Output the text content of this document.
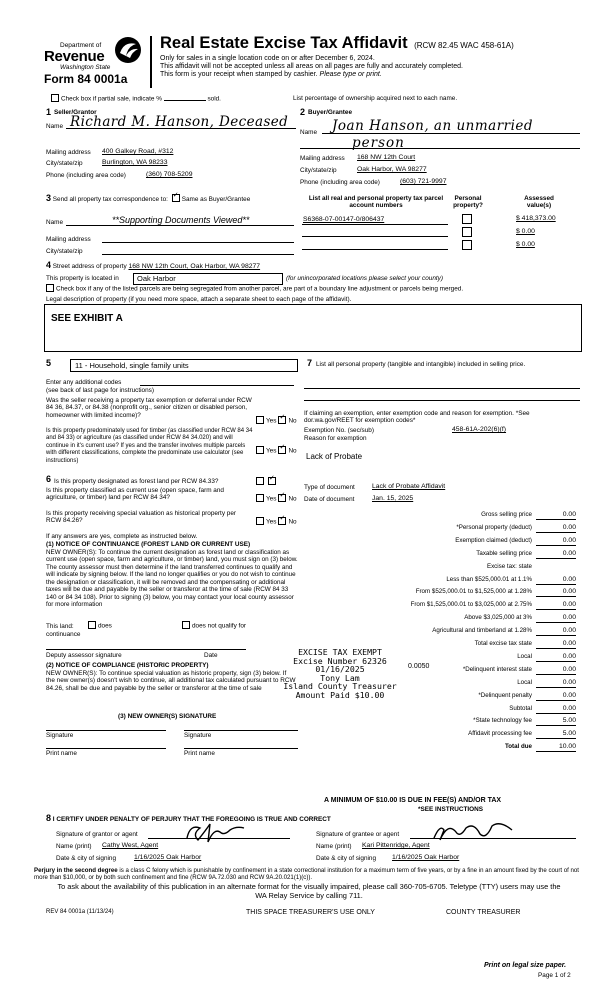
Department of
Revenue
Washington State
Form 84 0001a
Real Estate Excise Tax Affidavit (RCW 82.45 WAC 458-61A)
Only for sales in a single location code on or after December 6, 2024.
This affidavit will not be accepted unless all areas on all pages are fully and accurately completed.
This form is your receipt when stamped by cashier. Please type or print.
Check box if partial sale, indicate %	sold.	List percentage of ownership acquired next to each name.
1 Seller/Grantor
Name Richard M. Hanson, Deceased
Mailing address 400 Galkey Road, #312
City/state/zip	Burlington, WA 98233
Phone (including area code)	(360) 708-5209
2 Buyer/Grantee
Name Joan Hanson, an unmarried
person
Mailing address 168 NW 12th Court
City/state/zip	Oak Harbor, WA 98277
Phone (including area code)	(603) 721-9997
3 Send all property tax correspondence to: ✓ Same as Buyer/Grantee
Name	**Supporting Documents Viewed**
Mailing address
City/state/zip
List all real and personal property tax parcel account numbers
Personal property?
Assessed value(s)
S6368-07-00147-0/806437	$ 418,373.00
$ 0.00
$ 0.00
4 Street address of property 168 NW 12th Court, Oak Harbor, WA 98277
This property is located in Oak Harbor	(for unincorporated locations please select your county)
Check box if any of the listed parcels are being segregated from another parcel, are part of a boundary line adjustment or parcels being merged.
Legal description of property (if you need more space, attach a separate sheet to each page of the affidavit).
SEE EXHIBIT A
5	11 - Household, single family units
Enter any additional codes
(see back of last page for instructions)
Was the seller receiving a property tax exemption or deferral under RCW 84 36, 84.37, or 84.38 (nonprofit org., senior citizen or disabled person, homeowner with limited income)?
Yes ✓ No
Is this property predominately used for timber (as classified under RCW 84 34 and 84 33) or agriculture (as classified under RCW 84 34.020) and will continue in it's current use? If yes and the transfer involves multiple parcels with different classifications, complete the predominate use calculator (see instructions)
Yes ✓ No
6 Is this property designated as forest land per RCW 84.33?
✓
Is this property classified as current use (open space, farm and agriculture, or timber) land per RCW 84 34?	Yes ✓ No
Is this property receiving special valuation as historical property per RCW 84.26?	Yes ✓ No
If any answers are yes, complete as instructed below.
(1) NOTICE OF CONTINUANCE (FOREST LAND OR CURRENT USE)
NEW OWNER(S): To continue the current designation as forest land or classification as current use (open space, farm and agriculture, or timber) land, you must sign on (3) below. The county assessor must then determine if the land transferred continues to qualify and will indicate by signing below. If the land no longer qualifies or you do not wish to continue the designation or classification, it will be removed and the compensating or additional taxes will be due and payable by the seller or transferor at the time of sale (RCW 84 33 140 or 84 34 108). Prior to signing (3) below, you may contact your local county assessor for more information
This land:
continuance
does	does not qualify for
Deputy assessor signature	Date
(2) NOTICE OF COMPLIANCE (HISTORIC PROPERTY)
NEW OWNER(S): To continue special valuation as historic property, sign (3) below. If the new owner(s) doesn't wish to continue, all additional tax calculated pursuant to RCW 84.26, shall be due and payable by the seller or transferor at the time of sale
(3) NEW OWNER(S) SIGNATURE
Signature	Signature
Print name	Print name
7 List all personal property (tangible and intangible) included in selling price.
If claiming an exemption, enter exemption code and reason for exemption. *See dor.wa.gov/REET for exemption codes*
Exemption No. (sec/sub)	458-61A-202(6)(f)
Reason for exemption
Lack of Probate
Type of document	Lack of Probate Affidavit
Date of document	Jan. 15, 2025
Gross selling price	0.00
*Personal property (deduct)	0.00
Exemption claimed (deduct)	0.00
Taxable selling price	0.00
Excise tax: state
Less than $525,000.01 at 1.1%	0.00
From $525,000.01 to $1,525,000 at 1.28%	0.00
From $1,525,000.01 to $3,025,000 at 2.75%	0.00
Above $3,025,000 at 3%	0.00
Agricultural and timberland at 1.28%	0.00
Total excise tax state	0.00
Local	0.00
*Delinquent interest state	0.00
Local	0.00
*Delinquent penalty	0.00
Subtotal	0.00
*State technology fee	5.00
Affidavit processing fee	5.00
Total due	10.00
0.0050
EXCISE TAX EXEMPT
Excise Number 62326
01/16/2025
Tony Lam
Island County Treasurer
Amount Paid $10.00
A MINIMUM OF $10.00 IS DUE IN FEE(S) AND/OR TAX
*SEE INSTRUCTIONS
8 I CERTIFY UNDER PENALTY OF PERJURY THAT THE FOREGOING IS TRUE AND CORRECT
Signature of grantor or agent
Name (print) Cathy West, Agent
Date & city of signing	1/16/2025 Oak Harbor
Signature of grantee or agent
Name (print) Kari Pittenridge, Agent
Date & city of signing 1/16/2025 Oak Harbor
Perjury in the second degree is a class C felony which is punishable by confinement in a state correctional institution for a maximum term of five years, or by a fine in an amount fixed by the court of not more than $10,000, or by both such confinement and fine (RCW 9A.72.030 and RCW 9A.20.021(1)(c)).
To ask about the availability of this publication in an alternate format for the visually impaired, please call 360-705-6705. Teletype (TTY) users may use the WA Relay Service by calling 711.
REV 84 0001a (11/13/24)	THIS SPACE TREASURER'S USE ONLY	COUNTY TREASURER
Print on legal size paper.
Page 1 of 2
